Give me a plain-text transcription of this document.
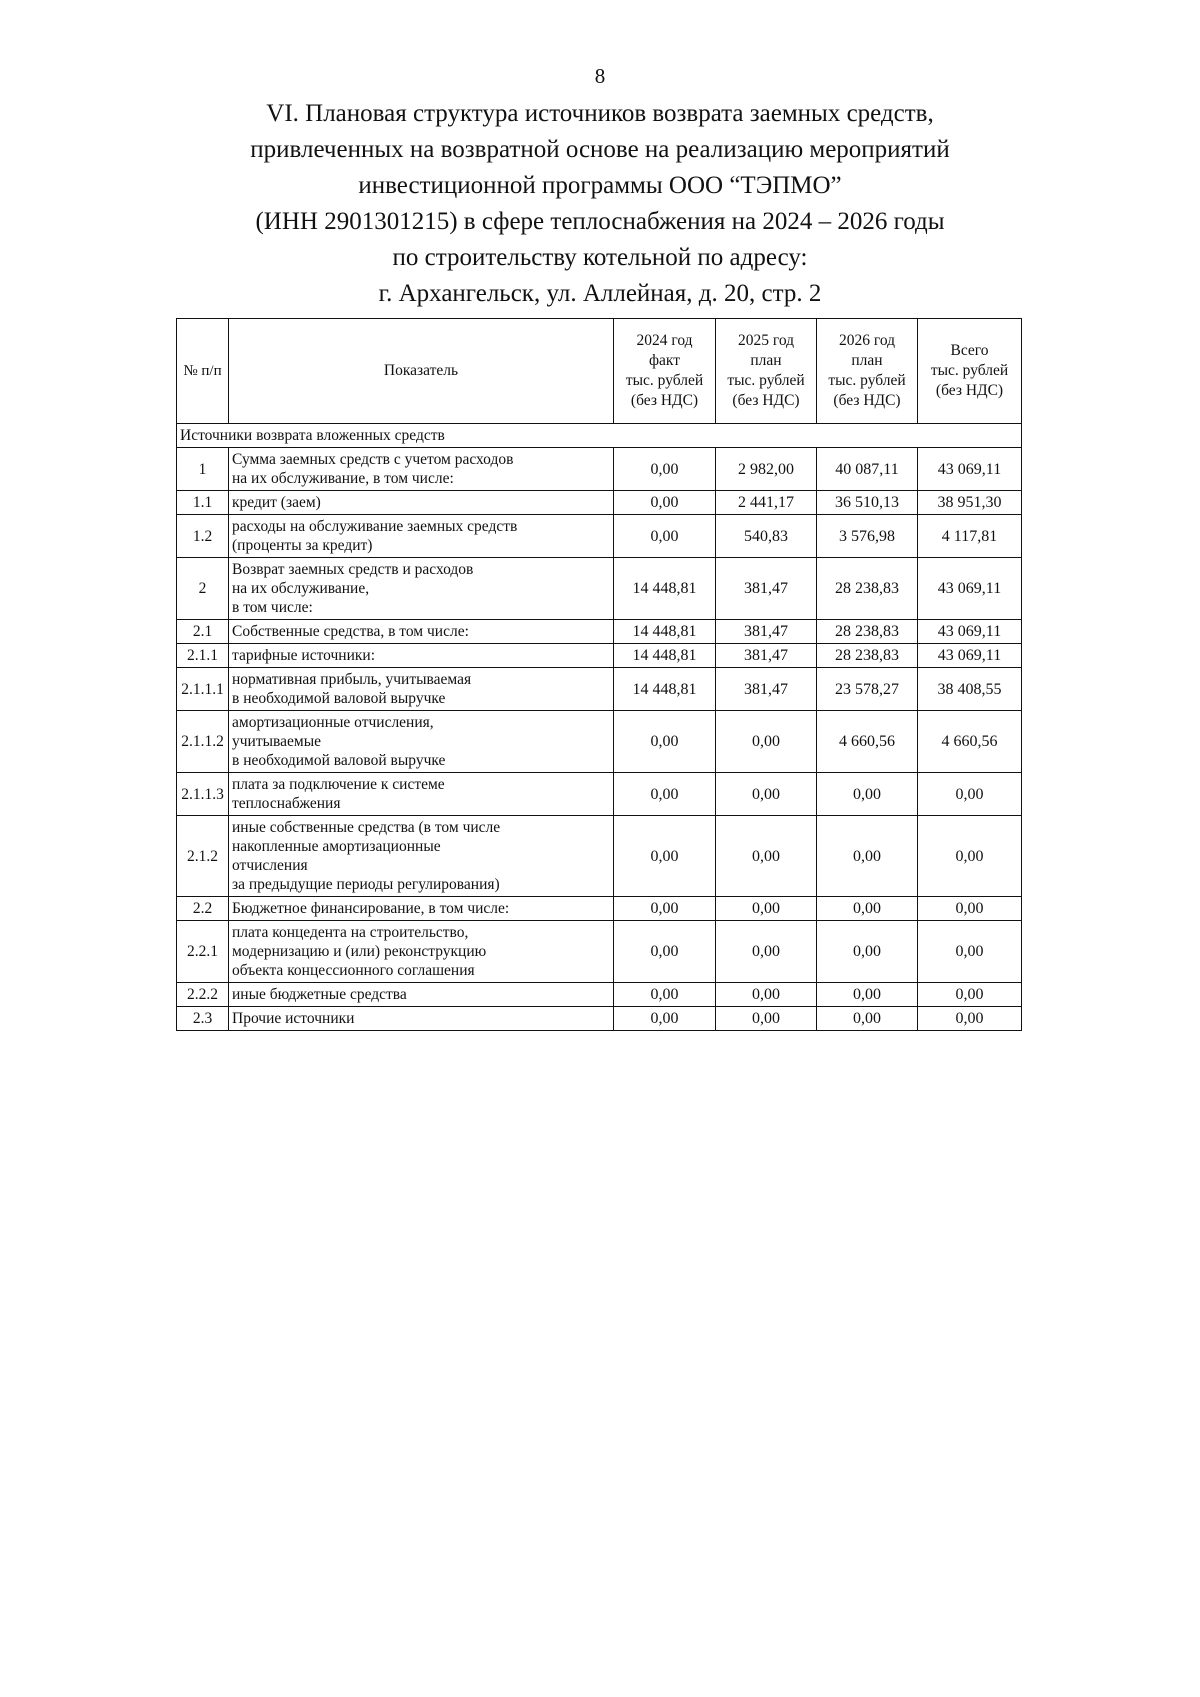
8
VI. Плановая структура источников возврата заемных средств,
привлеченных на возвратной основе на реализацию мероприятий
инвестиционной программы ООО “ТЭПМО”
(ИНН 2901301215) в сфере теплоснабжения на 2024 – 2026 годы
по строительству котельной по адресу:
г. Архангельск, ул. Аллейная, д. 20, стр. 2
№ п/п	Показатель	2024 год
факт
тыс. рублей
(без НДС)	2025 год
план
тыс. рублей
(без НДС)	2026 год
план
тыс. рублей
(без НДС)	Всего
тыс. рублей
(без НДС)

Источники возврата вложенных средств					
1	Сумма заемных средств с учетом расходов
на их обслуживание, в том числе:	0,00	2 982,00	40 087,11	43 069,11
1.1	кредит (заем)	0,00	2 441,17	36 510,13	38 951,30
1.2	расходы на обслуживание заемных средств
(проценты за кредит)	0,00	540,83	3 576,98	4 117,81
2	Возврат заемных средств и расходов
на их обслуживание,
в том числе:	14 448,81	381,47	28 238,83	43 069,11
2.1	Собственные средства, в том числе:	14 448,81	381,47	28 238,83	43 069,11
2.1.1	тарифные источники:	14 448,81	381,47	28 238,83	43 069,11
2.1.1.1	нормативная прибыль, учитываемая
в необходимой валовой выручке	14 448,81	381,47	23 578,27	38 408,55
2.1.1.2	амортизационные отчисления,
учитываемые
в необходимой валовой выручке	0,00	0,00	4 660,56	4 660,56
2.1.1.3	плата за подключение к системе
теплоснабжения	0,00	0,00	0,00	0,00
2.1.2	иные собственные средства (в том числе
накопленные амортизационные
отчисления
за предыдущие периоды регулирования)	0,00	0,00	0,00	0,00
2.2	Бюджетное финансирование, в том числе:	0,00	0,00	0,00	0,00
2.2.1	плата концедента на строительство,
модернизацию и (или) реконструкцию
объекта концессионного соглашения	0,00	0,00	0,00	0,00
2.2.2	иные бюджетные средства	0,00	0,00	0,00	0,00
2.3	Прочие источники	0,00	0,00	0,00	0,00
